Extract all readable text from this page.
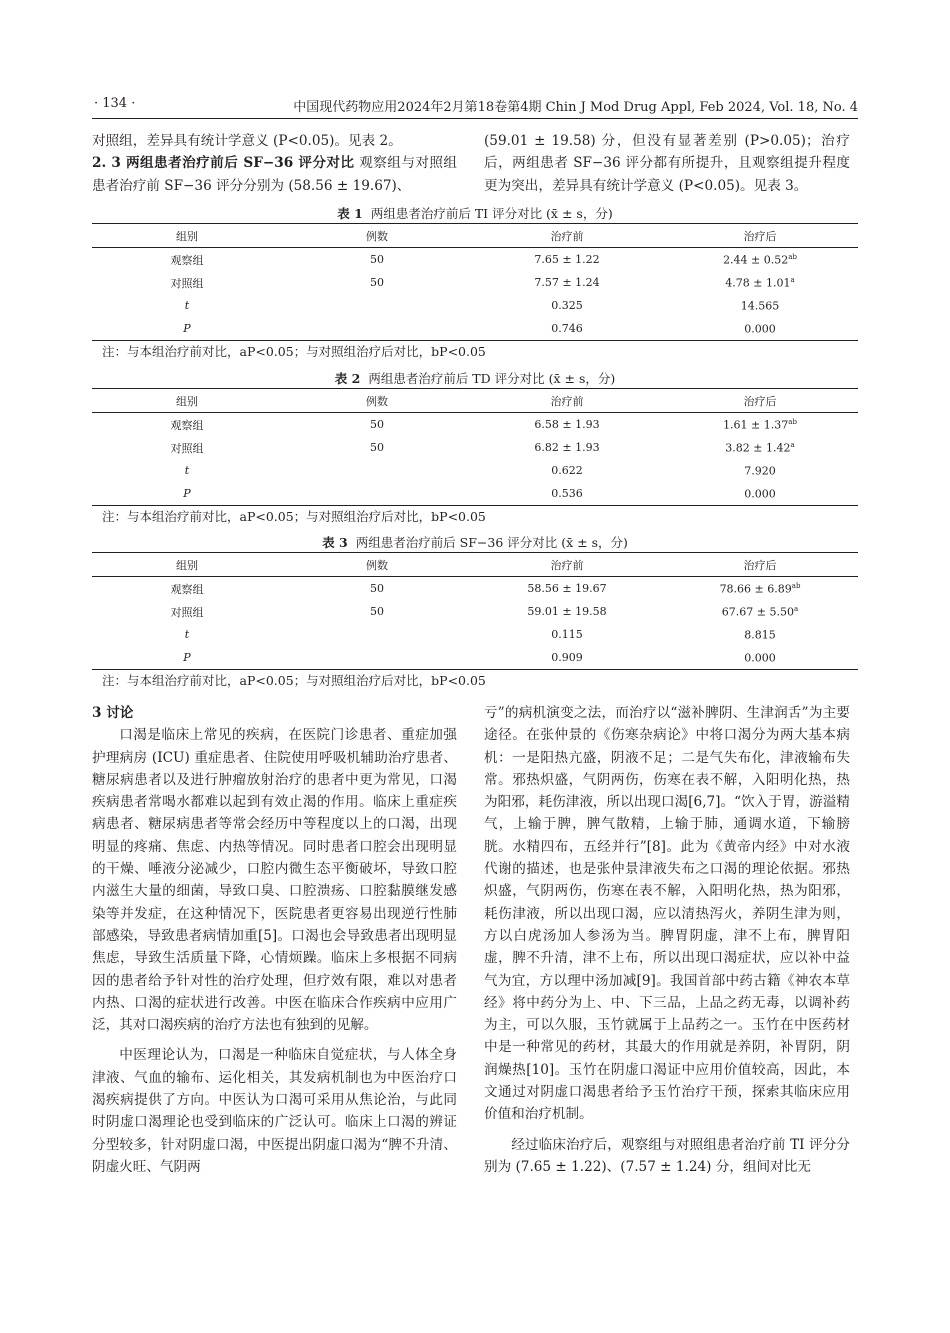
· 134 ·	中国现代药物应用2024年2月第18卷第4期 Chin J Mod Drug Appl, Feb 2024, Vol. 18, No. 4

对照组，差异具有统计学意义 (P<0.05)。见表 2。

2. 3 两组患者治疗前后 SF−36 评分对比 观察组与对照组患者治疗前 SF−36 评分分别为 (58.56 ± 19.67)、

(59.01 ± 19.58) 分，但没有显著差别 (P>0.05)；治疗后，两组患者 SF−36 评分都有所提升，且观察组提升程度更为突出，差异具有统计学意义 (P<0.05)。见表 3。

表 1 两组患者治疗前后 TI 评分对比 (x̄ ± s，分)
组别	例数	治疗前	治疗后
观察组	50	7.65 ± 1.22	2.44 ± 0.52$^{ab}$
对照组	50	7.57 ± 1.24	4.78 ± 1.01$^a$
t		0.325	14.565
P		0.746	0.000
注：与本组治疗前对比，aP<0.05；与对照组治疗后对比，bP<0.05
表 2 两组患者治疗前后 TD 评分对比 (x̄ ± s，分)
组别	例数	治疗前	治疗后
观察组	50	6.58 ± 1.93	1.61 ± 1.37$^{ab}$
对照组	50	6.82 ± 1.93	3.82 ± 1.42$^a$
t		0.622	7.920
P		0.536	0.000
注：与本组治疗前对比，aP<0.05；与对照组治疗后对比，bP<0.05
表 3 两组患者治疗前后 SF−36 评分对比 (x̄ ± s，分)
组别	例数	治疗前	治疗后
观察组	50	58.56 ± 19.67	78.66 ± 6.89$^{ab}$
对照组	50	59.01 ± 19.58	67.67 ± 5.50$^a$
t		0.115	8.815
P		0.909	0.000
注：与本组治疗前对比，aP<0.05；与对照组治疗后对比，bP<0.05

3 讨论

口渴是临床上常见的疾病，在医院门诊患者、重症加强护理病房 (ICU) 重症患者、住院使用呼吸机辅助治疗患者、糖尿病患者以及进行肿瘤放射治疗的患者中更为常见，口渴疾病患者常喝水都难以起到有效止渴的作用。临床上重症疾病患者、糖尿病患者等常会经历中等程度以上的口渴，出现明显的疼痛、焦虑、内热等情况。同时患者口腔会出现明显的干燥、唾液分泌减少，口腔内微生态平衡破坏，导致口腔内滋生大量的细菌，导致口臭、口腔溃疡、口腔黏膜继发感染等并发症，在这种情况下，医院患者更容易出现逆行性肺部感染，导致患者病情加重[5]。口渴也会导致患者出现明显焦虑，导致生活质量下降，心情烦躁。临床上多根据不同病因的患者给予针对性的治疗处理，但疗效有限，难以对患者内热、口渴的症状进行改善。中医在临床合作疾病中应用广泛，其对口渴疾病的治疗方法也有独到的见解。

中医理论认为，口渴是一种临床自觉症状，与人体全身津液、气血的输布、运化相关，其发病机制也为中医治疗口渴疾病提供了方向。中医认为口渴可采用从焦论治，与此同时阴虚口渴理论也受到临床的广泛认可。临床上口渴的辨证分型较多，针对阴虚口渴，中医提出阴虚口渴为“脾不升清、阴虚火旺、气阴两

亏”的病机演变之法，而治疗以“滋补脾阴、生津润舌”为主要途径。在张仲景的《伤寒杂病论》中将口渴分为两大基本病机：一是阳热亢盛，阴液不足；二是气失布化，津液输布失常。邪热炽盛，气阴两伤，伤寒在表不解，入阳明化热，热为阳邪，耗伤津液，所以出现口渴[6,7]。“饮入于胃，游溢精气，上输于脾，脾气散精，上输于肺，通调水道，下输膀胱。水精四布，五经并行”[8]。此为《黄帝内经》中对水液代谢的描述，也是张仲景津液失布之口渴的理论依据。邪热炽盛，气阴两伤，伤寒在表不解，入阳明化热，热为阳邪，耗伤津液，所以出现口渴，应以清热泻火，养阴生津为则，方以白虎汤加人参汤为当。脾胃阴虚，津不上布，脾胃阳虚，脾不升清，津不上布，所以出现口渴症状，应以补中益气为宜，方以理中汤加减[9]。我国首部中药古籍《神农本草经》将中药分为上、中、下三品，上品之药无毒，以调补药为主，可以久服，玉竹就属于上品药之一。玉竹在中医药材中是一种常见的药材，其最大的作用就是养阴，补胃阴，阴润燥热[10]。玉竹在阴虚口渴证中应用价值较高，因此，本文通过对阴虚口渴患者给予玉竹治疗干预，探索其临床应用价值和治疗机制。

经过临床治疗后，观察组与对照组患者治疗前 TI 评分分别为 (7.65 ± 1.22)、(7.57 ± 1.24) 分，组间对比无
